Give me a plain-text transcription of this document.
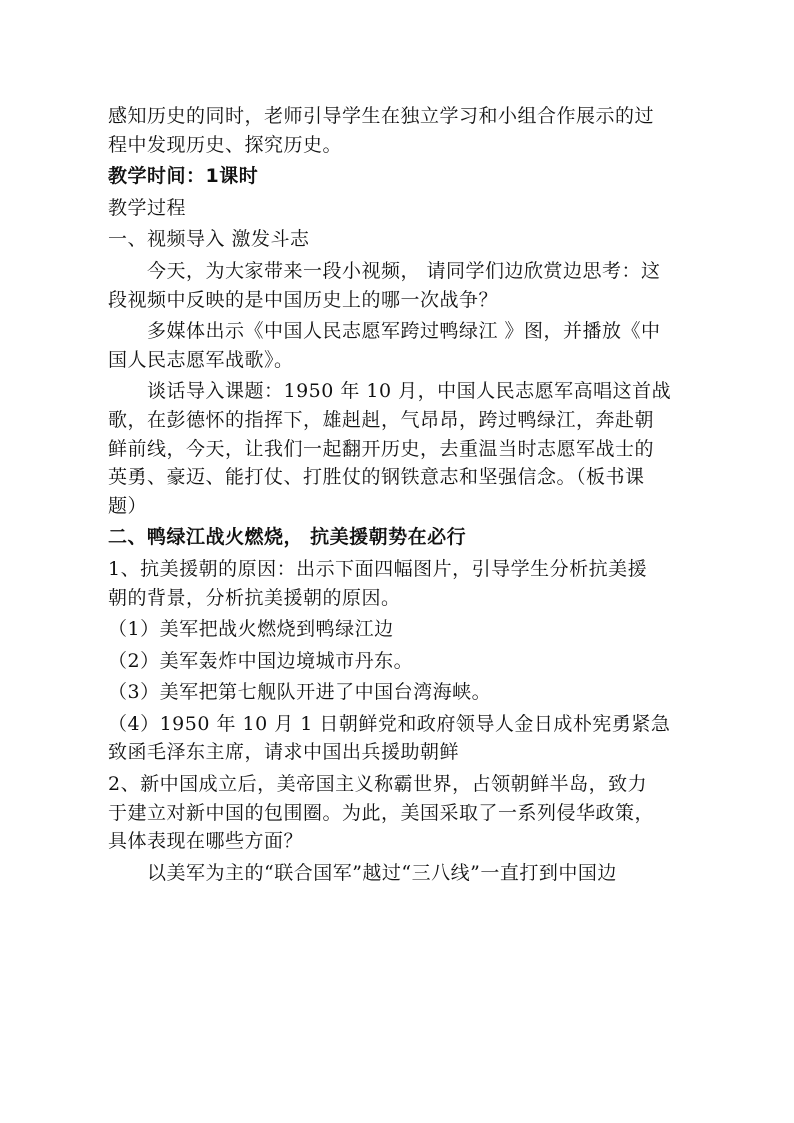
感知历史的同时，老师引导学生在独立学习和小组合作展示的过
程中发现历史、探究历史。
教学时间：1课时
教学过程
一、视频导入 激发斗志
今天，为大家带来一段小视频， 请同学们边欣赏边思考：这
段视频中反映的是中国历史上的哪一次战争？
多媒体出示《中国人民志愿军跨过鸭绿江 》图，并播放《中
国人民志愿军战歌》。
谈话导入课题：1950 年 10 月，中国人民志愿军高唱这首战
歌，在彭德怀的指挥下，雄赳赳，气昂昂，跨过鸭绿江，奔赴朝
鲜前线，今天，让我们一起翻开历史，去重温当时志愿军战士的
英勇、豪迈、能打仗、打胜仗的钢铁意志和坚强信念。（板书课
题）
二、鸭绿江战火燃烧， 抗美援朝势在必行
1、抗美援朝的原因：出示下面四幅图片，引导学生分析抗美援
朝的背景，分析抗美援朝的原因。
（1）美军把战火燃烧到鸭绿江边
（2）美军轰炸中国边境城市丹东。
（3）美军把第七舰队开进了中国台湾海峡。
（4）1950 年 10 月 1 日朝鲜党和政府领导人金日成朴宪勇紧急
致函毛泽东主席，请求中国出兵援助朝鲜
2、新中国成立后，美帝国主义称霸世界，占领朝鲜半岛，致力
于建立对新中国的包围圈。为此，美国采取了一系列侵华政策，
具体表现在哪些方面？
以美军为主的“联合国军”越过“三八线”一直打到中国边
